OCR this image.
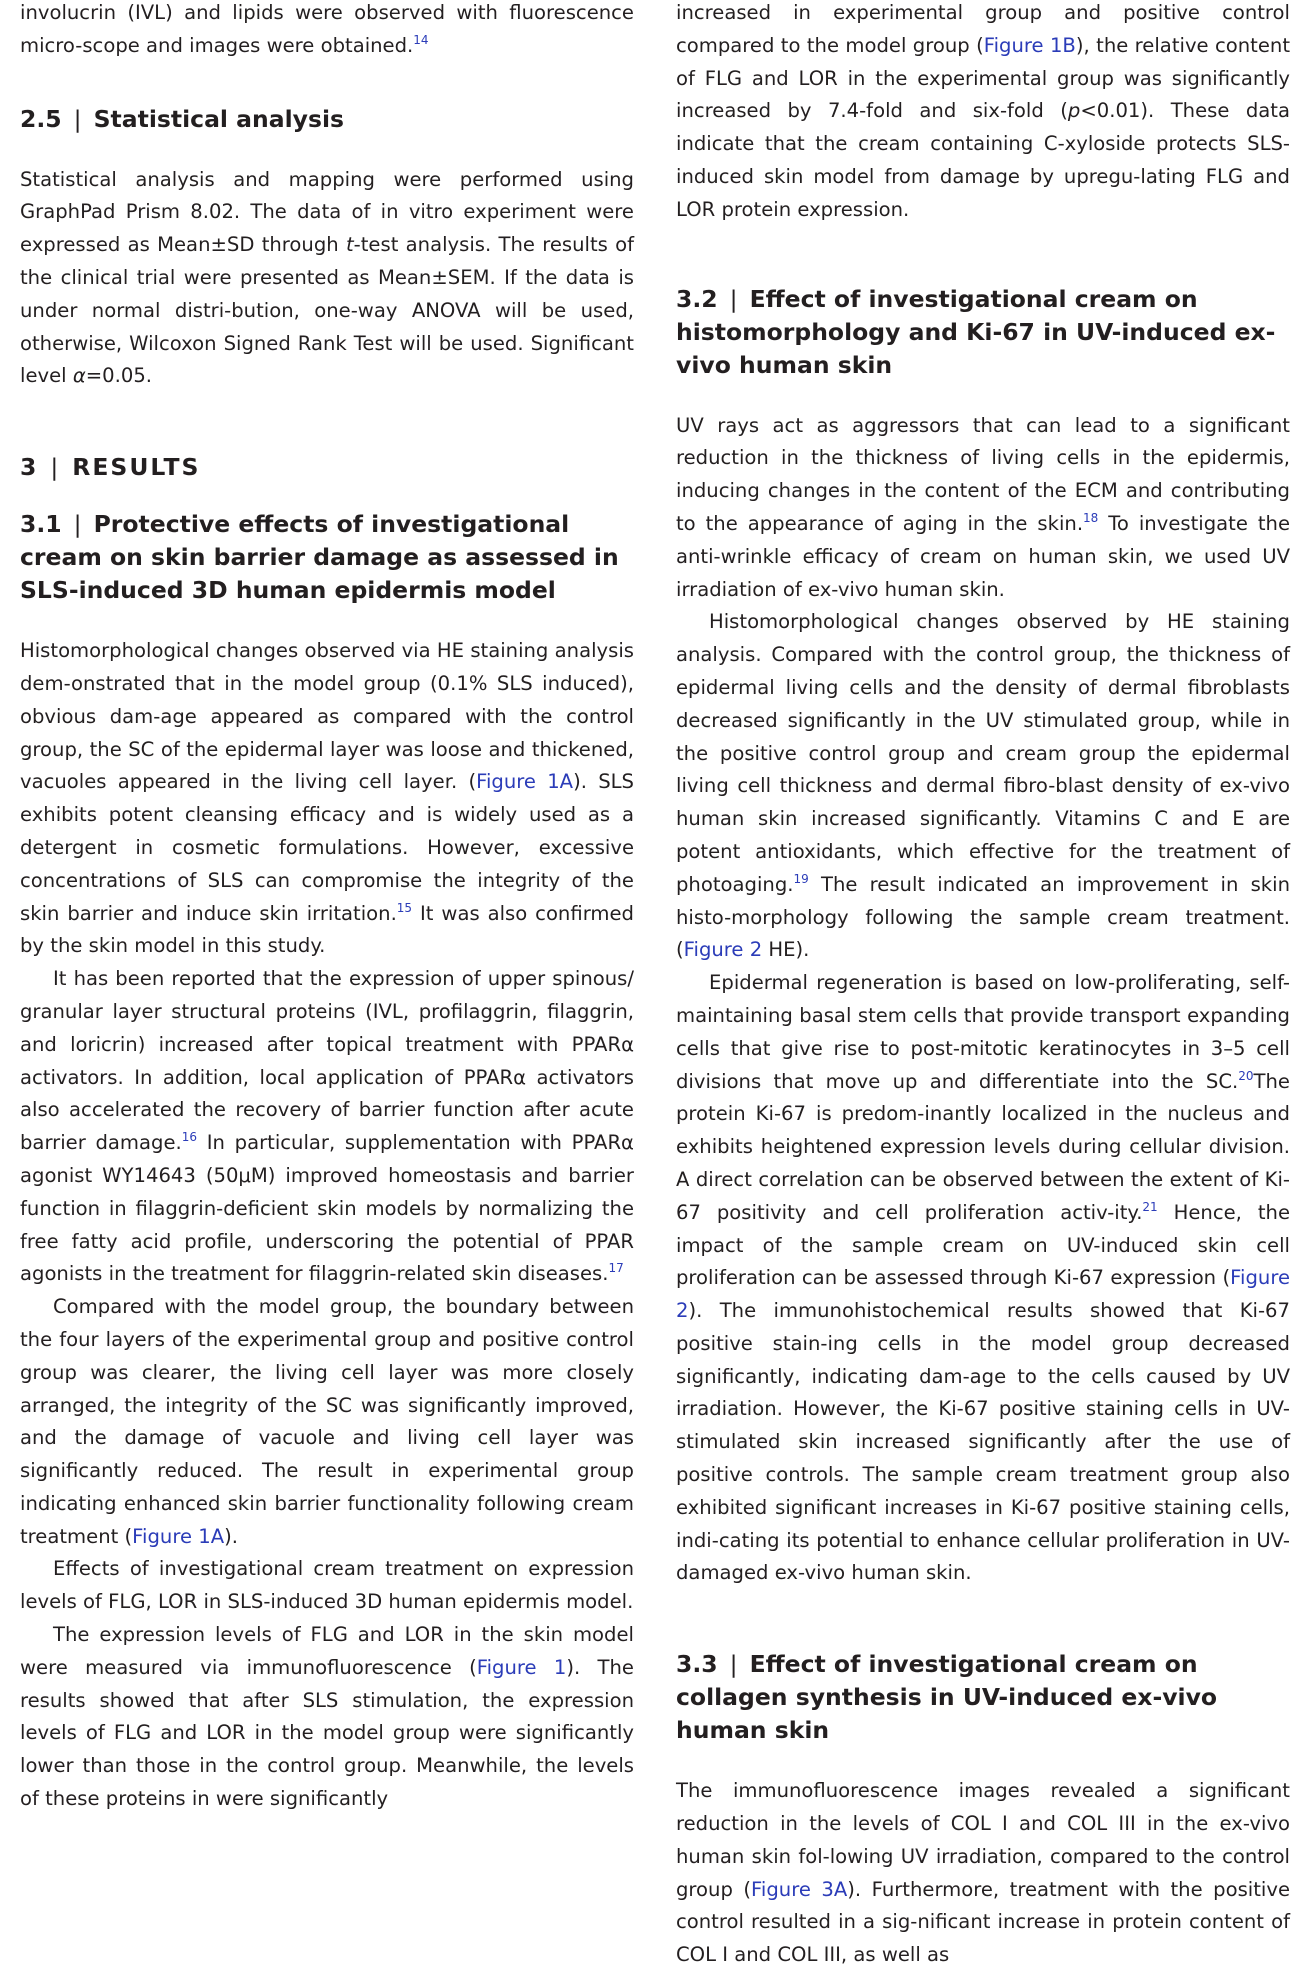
involucrin (IVL) and lipids were observed with fluorescence micro-scope and images were obtained.$^{14}$

2.5 | Statistical analysis

Statistical analysis and mapping were performed using GraphPad Prism 8.02. The data of in vitro experiment were expressed as Mean±SD through t-test analysis. The results of the clinical trial were presented as Mean±SEM. If the data is under normal distri-bution, one-way ANOVA will be used, otherwise, Wilcoxon Signed Rank Test will be used. Significant level α=0.05.

3 | RESULTS
3.1 | Protective effects of investigational cream on skin barrier damage as assessed in SLS-induced 3D human epidermis model

Histomorphological changes observed via HE staining analysis dem-onstrated that in the model group (0.1% SLS induced), obvious dam-age appeared as compared with the control group, the SC of the epidermal layer was loose and thickened, vacuoles appeared in the living cell layer. (Figure 1A). SLS exhibits potent cleansing efficacy and is widely used as a detergent in cosmetic formulations. However, excessive concentrations of SLS can compromise the integrity of the skin barrier and induce skin irritation.$^{15}$ It was also confirmed by the skin model in this study.

It has been reported that the expression of upper spinous/ granular layer structural proteins (IVL, profilaggrin, filaggrin, and loricrin) increased after topical treatment with PPARα activators. In addition, local application of PPARα activators also accelerated the recovery of barrier function after acute barrier damage.$^{16}$ In particular, supplementation with PPARα agonist WY14643 (50μM) improved homeostasis and barrier function in filaggrin-deficient skin models by normalizing the free fatty acid profile, underscoring the potential of PPAR agonists in the treatment for filaggrin-related skin diseases.$^{17}$

Compared with the model group, the boundary between the four layers of the experimental group and positive control group was clearer, the living cell layer was more closely arranged, the integrity of the SC was significantly improved, and the damage of vacuole and living cell layer was significantly reduced. The result in experimental group indicating enhanced skin barrier functionality following cream treatment (Figure 1A).

Effects of investigational cream treatment on expression levels of FLG, LOR in SLS-induced 3D human epidermis model.

The expression levels of FLG and LOR in the skin model were measured via immunofluorescence (Figure 1). The results showed that after SLS stimulation, the expression levels of FLG and LOR in the model group were significantly lower than those in the control group. Meanwhile, the levels of these proteins in were significantly

increased in experimental group and positive control compared to the model group (Figure 1B), the relative content of FLG and LOR in the experimental group was significantly increased by 7.4-fold and six-fold (p<0.01). These data indicate that the cream containing C-xyloside protects SLS-induced skin model from damage by upregu-lating FLG and LOR protein expression.

3.2 | Effect of investigational cream on histomorphology and Ki-67 in UV-induced ex-vivo human skin

UV rays act as aggressors that can lead to a significant reduction in the thickness of living cells in the epidermis, inducing changes in the content of the ECM and contributing to the appearance of aging in the skin.$^{18}$ To investigate the anti-wrinkle efficacy of cream on human skin, we used UV irradiation of ex-vivo human skin.

Histomorphological changes observed by HE staining analysis. Compared with the control group, the thickness of epidermal living cells and the density of dermal fibroblasts decreased significantly in the UV stimulated group, while in the positive control group and cream group the epidermal living cell thickness and dermal fibro-blast density of ex-vivo human skin increased significantly. Vitamins C and E are potent antioxidants, which effective for the treatment of photoaging.$^{19}$ The result indicated an improvement in skin histo-morphology following the sample cream treatment. (Figure 2 HE).

Epidermal regeneration is based on low-proliferating, self-maintaining basal stem cells that provide transport expanding cells that give rise to post-mitotic keratinocytes in 3–5 cell divisions that move up and differentiate into the SC.$^{20}$The protein Ki-67 is predom-inantly localized in the nucleus and exhibits heightened expression levels during cellular division. A direct correlation can be observed between the extent of Ki-67 positivity and cell proliferation activ-ity.$^{21}$ Hence, the impact of the sample cream on UV-induced skin cell proliferation can be assessed through Ki-67 expression (Figure 2). The immunohistochemical results showed that Ki-67 positive stain-ing cells in the model group decreased significantly, indicating dam-age to the cells caused by UV irradiation. However, the Ki-67 positive staining cells in UV-stimulated skin increased significantly after the use of positive controls. The sample cream treatment group also exhibited significant increases in Ki-67 positive staining cells, indi-cating its potential to enhance cellular proliferation in UV-damaged ex-vivo human skin.

3.3 | Effect of investigational cream on collagen synthesis in UV-induced ex-vivo human skin

The immunofluorescence images revealed a significant reduction in the levels of COL I and COL III in the ex-vivo human skin fol-lowing UV irradiation, compared to the control group (Figure 3A). Furthermore, treatment with the positive control resulted in a sig-nificant increase in protein content of COL I and COL III, as well as
